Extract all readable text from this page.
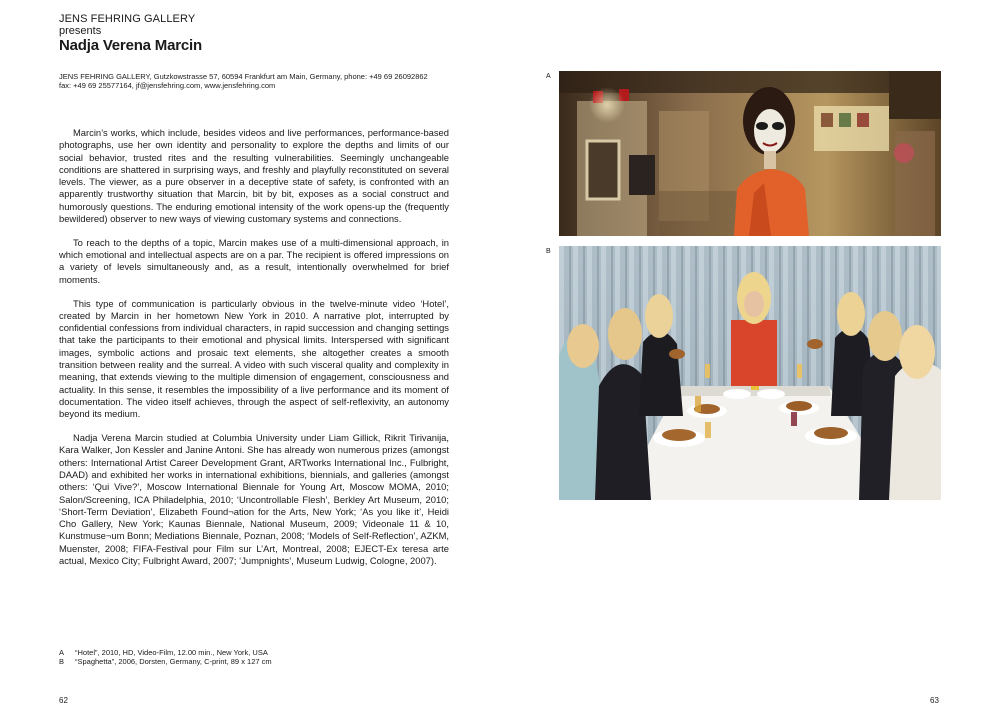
JENS FEHRING GALLERY
presents
Nadja Verena Marcin
JENS FEHRING GALLERY, Gutzkowstrasse 57, 60594 Frankfurt am Main, Germany, phone: +49 69 26092862
fax: +49 69 25577164, jf@jensfehring.com, www.jensfehring.com

Marcin’s works, which include, besides videos and live performances, performance-based photographs, use her own identity and personality to explore the depths and limits of our social behavior, trusted rites and the resulting vulnerabilities. Seemingly unchangeable conditions are shattered in surprising ways, and freshly and playfully reconstituted on several levels. The viewer, as a pure observer in a deceptive state of safety, is confronted with an apparently trustworthy situation that Marcin, bit by bit, exposes as a social construct and humorously questions. The enduring emotional intensity of the work opens-up the (frequently bewildered) observer to new ways of viewing customary systems and connections.

To reach to the depths of a topic, Marcin makes use of a multi-dimensional approach, in which emotional and intellectual aspects are on a par. The recipient is offered impressions on a variety of levels simultaneously and, as a result, intentionally overwhelmed for brief moments.

This type of communication is particularly obvious in the twelve-minute video ‘Hotel’, created by Marcin in her hometown New York in 2010. A narrative plot, interrupted by confidential confessions from individual characters, in rapid succession and changing settings that take the participants to their emotional and physical limits. Interspersed with significant images, symbolic actions and prosaic text elements, she altogether creates a smooth transition between reality and the surreal. A video with such visceral quality and complexity in meaning, that extends viewing to the multiple dimension of engagement, consciousness and actuality. In this sense, it resembles the impossibility of a live performance and its moment of documentation. The video itself achieves, through the aspect of self-reflexivity, an autonomy beyond its medium.

Nadja Verena Marcin studied at Columbia University under Liam Gillick, Rikrit Tirivanija, Kara Walker, Jon Kessler and Janine Antoni. She has already won numerous prizes (amongst others: International Artist Career Development Grant, ARTworks International Inc., Fulbright, DAAD) and exhibited her works in international exhibitions, biennials, and galleries (amongst others: ‘Qui Vive?’, Moscow International Biennale for Young Art, Moscow MOMA, 2010; Salon/Screening, ICA Philadelphia, 2010; ‘Uncontrollable Flesh’, Berkley Art Museum, 2010; ‘Short-Term Deviation’, Elizabeth Found¬ation for the Arts, New York; ‘As you like it’, Heidi Cho Gallery, New York; Kaunas Biennale, National Museum, 2009; Videonale 11 & 10, Kunstmuse¬um Bonn; Mediations Biennale, Poznan, 2008; ‘Models of Self-Reflection’, AZKM, Muenster, 2008; FIFA-Festival pour Film sur L’Art, Montreal, 2008; EJECT-Ex teresa arte actual, Mexico City; Fulbright Award, 2007; ‘Jumpnights’, Museum Ludwig, Cologne, 2007).

A	“Hotel”, 2010, HD, Video-Film, 12.00 min., New York, USA
B	“Spaghetta”, 2006, Dorsten, Germany, C-print, 89 x 127 cm
62
A
B
63
